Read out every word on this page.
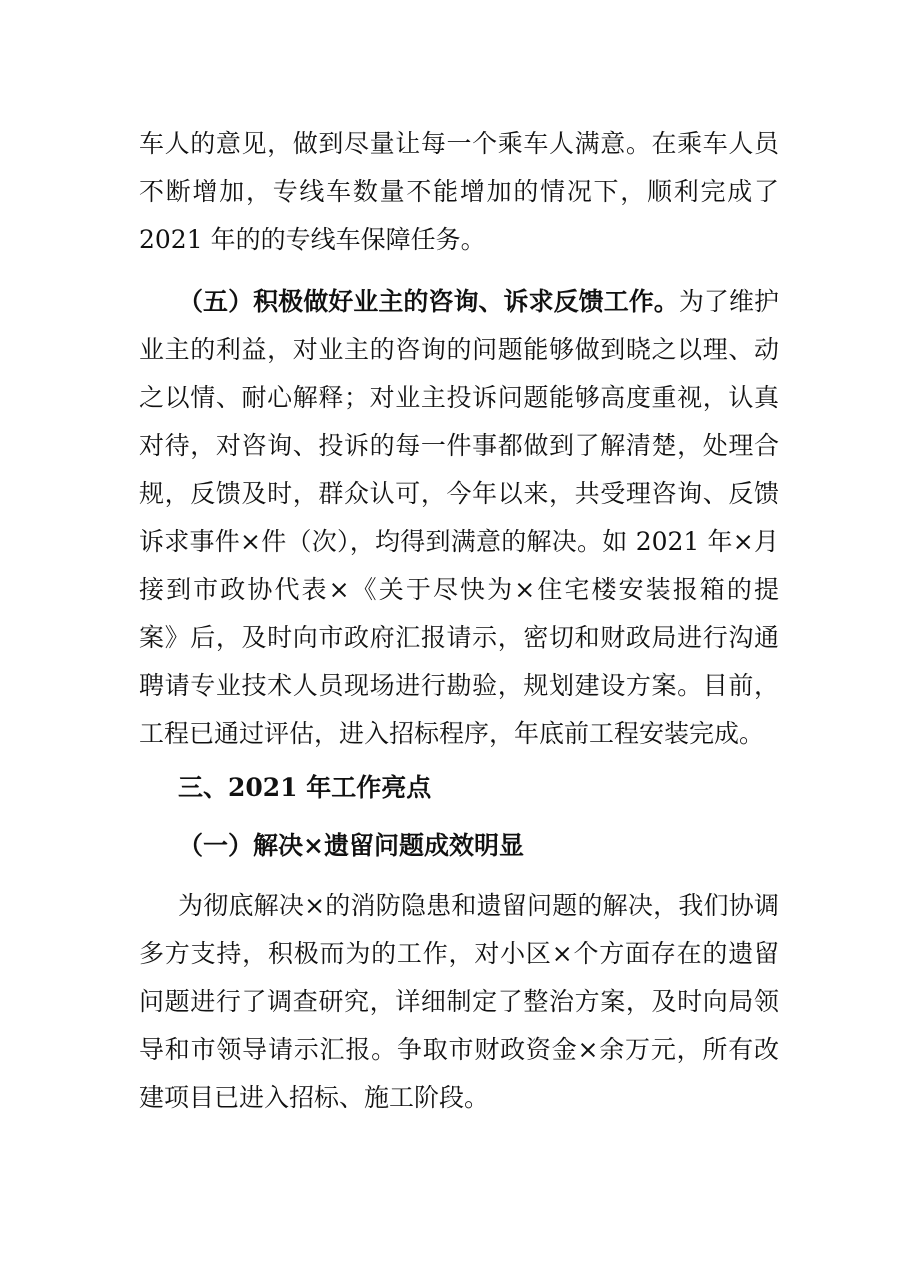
车人的意见，做到尽量让每一个乘车人满意。在乘车人员
不断增加，专线车数量不能增加的情况下，顺利完成了
2021 年的的专线车保障任务。
（五）积极做好业主的咨询、诉求反馈工作。为了维护
业主的利益，对业主的咨询的问题能够做到晓之以理、动
之以情、耐心解释；对业主投诉问题能够高度重视，认真
对待，对咨询、投诉的每一件事都做到了解清楚，处理合
规，反馈及时，群众认可，今年以来，共受理咨询、反馈
诉求事件×件（次），均得到满意的解决。如 2021 年×月
接到市政协代表×《关于尽快为×住宅楼安装报箱的提
案》后，及时向市政府汇报请示，密切和财政局进行沟通
聘请专业技术人员现场进行勘验，规划建设方案。目前，
工程已通过评估，进入招标程序，年底前工程安装完成。
三、2021 年工作亮点
（一）解决×遗留问题成效明显
为彻底解决×的消防隐患和遗留问题的解决，我们协调
多方支持，积极而为的工作，对小区×个方面存在的遗留
问题进行了调查研究，详细制定了整治方案，及时向局领
导和市领导请示汇报。争取市财政资金×余万元，所有改
建项目已进入招标、施工阶段。
